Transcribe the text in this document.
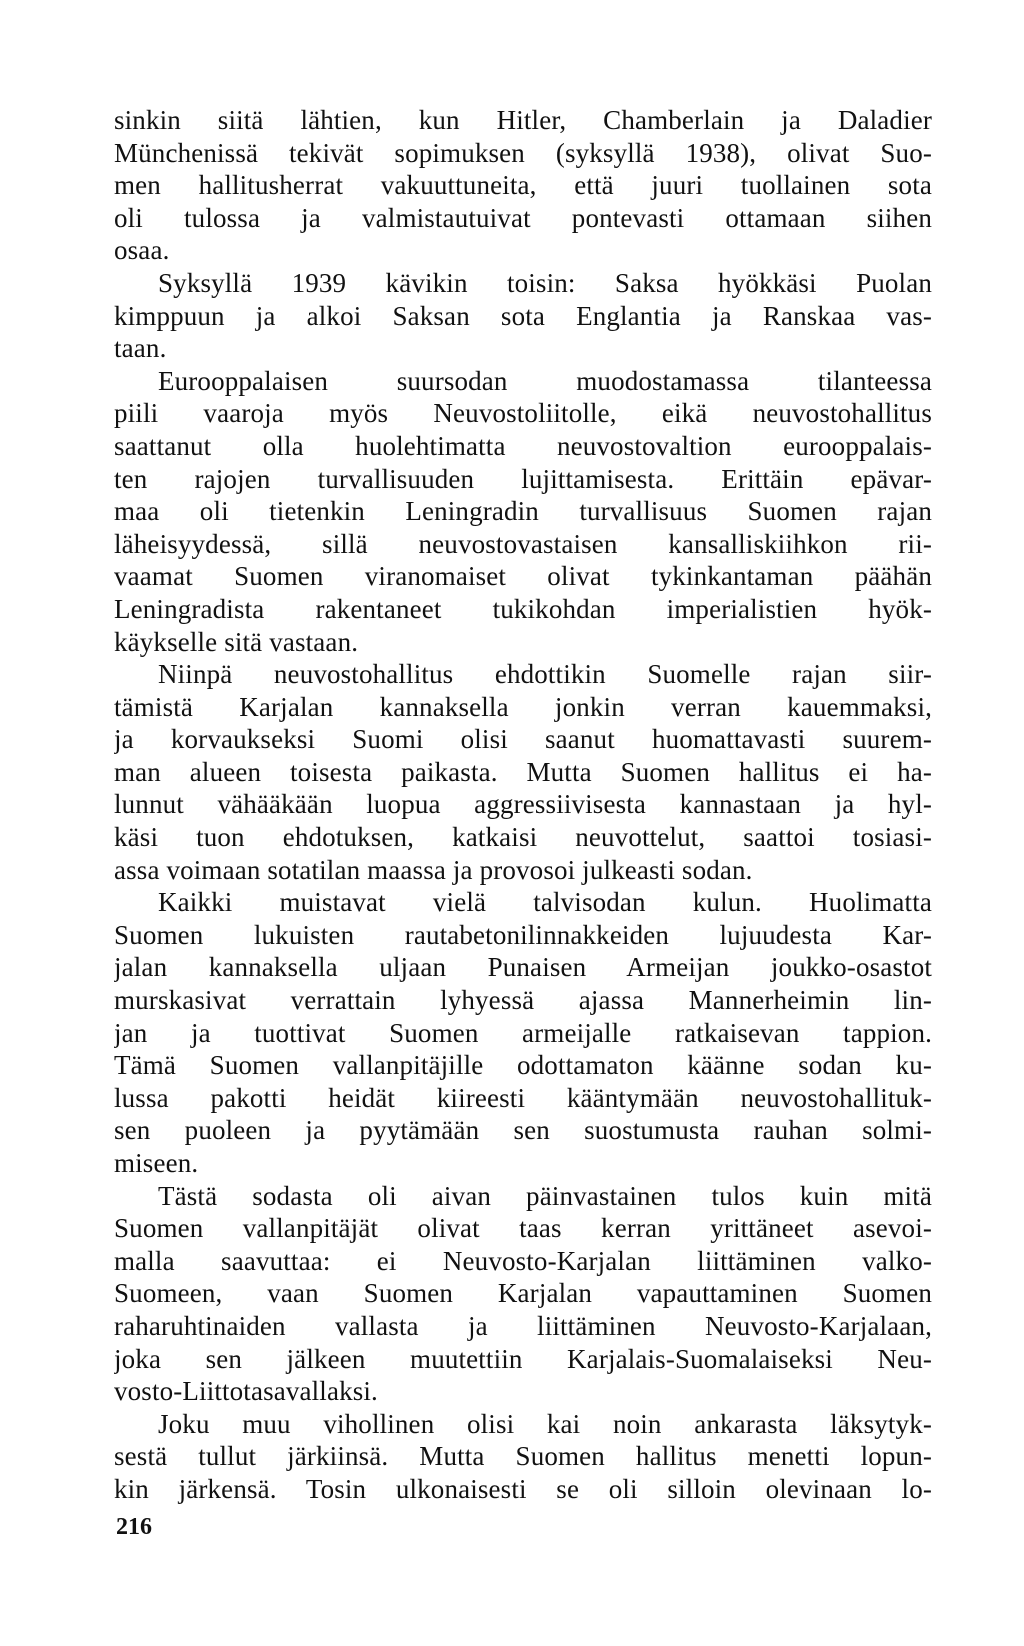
sinkin siitä lähtien, kun Hitler, Chamberlain ja Daladier
Münchenissä tekivät sopimuksen (syksyllä 1938), olivat Suo-
men hallitusherrat vakuuttuneita, että juuri tuollainen sota
oli tulossa ja valmistautuivat pontevasti ottamaan siihen
osaa.
Syksyllä 1939 kävikin toisin: Saksa hyökkäsi Puolan
kimppuun ja alkoi Saksan sota Englantia ja Ranskaa vas-
taan.
Eurooppalaisen suursodan muodostamassa tilanteessa
piili vaaroja myös Neuvostoliitolle, eikä neuvostohallitus
saattanut olla huolehtimatta neuvostovaltion eurooppalais-
ten rajojen turvallisuuden lujittamisesta. Erittäin epävar-
maa oli tietenkin Leningradin turvallisuus Suomen rajan
läheisyydessä, sillä neuvostovastaisen kansalliskiihkon rii-
vaamat Suomen viranomaiset olivat tykinkantaman päähän
Leningradista rakentaneet tukikohdan imperialistien hyök-
käykselle sitä vastaan.
Niinpä neuvostohallitus ehdottikin Suomelle rajan siir-
tämistä Karjalan kannaksella jonkin verran kauemmaksi,
ja korvaukseksi Suomi olisi saanut huomattavasti suurem-
man alueen toisesta paikasta. Mutta Suomen hallitus ei ha-
lunnut vähääkään luopua aggressiivisesta kannastaan ja hyl-
käsi tuon ehdotuksen, katkaisi neuvottelut, saattoi tosiasi-
assa voimaan sotatilan maassa ja provosoi julkeasti sodan.
Kaikki muistavat vielä talvisodan kulun. Huolimatta
Suomen lukuisten rautabetonilinnakkeiden lujuudesta Kar-
jalan kannaksella uljaan Punaisen Armeijan joukko-osastot
murskasivat verrattain lyhyessä ajassa Mannerheimin lin-
jan ja tuottivat Suomen armeijalle ratkaisevan tappion.
Tämä Suomen vallanpitäjille odottamaton käänne sodan ku-
lussa pakotti heidät kiireesti kääntymään neuvostohallituk-
sen puoleen ja pyytämään sen suostumusta rauhan solmi-
miseen.
Tästä sodasta oli aivan päinvastainen tulos kuin mitä
Suomen vallanpitäjät olivat taas kerran yrittäneet asevoi-
malla saavuttaa: ei Neuvosto-Karjalan liittäminen valko-
Suomeen, vaan Suomen Karjalan vapauttaminen Suomen
raharuhtinaiden vallasta ja liittäminen Neuvosto-Karjalaan,
joka sen jälkeen muutettiin Karjalais-Suomalaiseksi Neu-
vosto-Liittotasavallaksi.
Joku muu vihollinen olisi kai noin ankarasta läksytyk-
sestä tullut järkiinsä. Mutta Suomen hallitus menetti lopun-
kin järkensä. Tosin ulkonaisesti se oli silloin olevinaan lo-
216
